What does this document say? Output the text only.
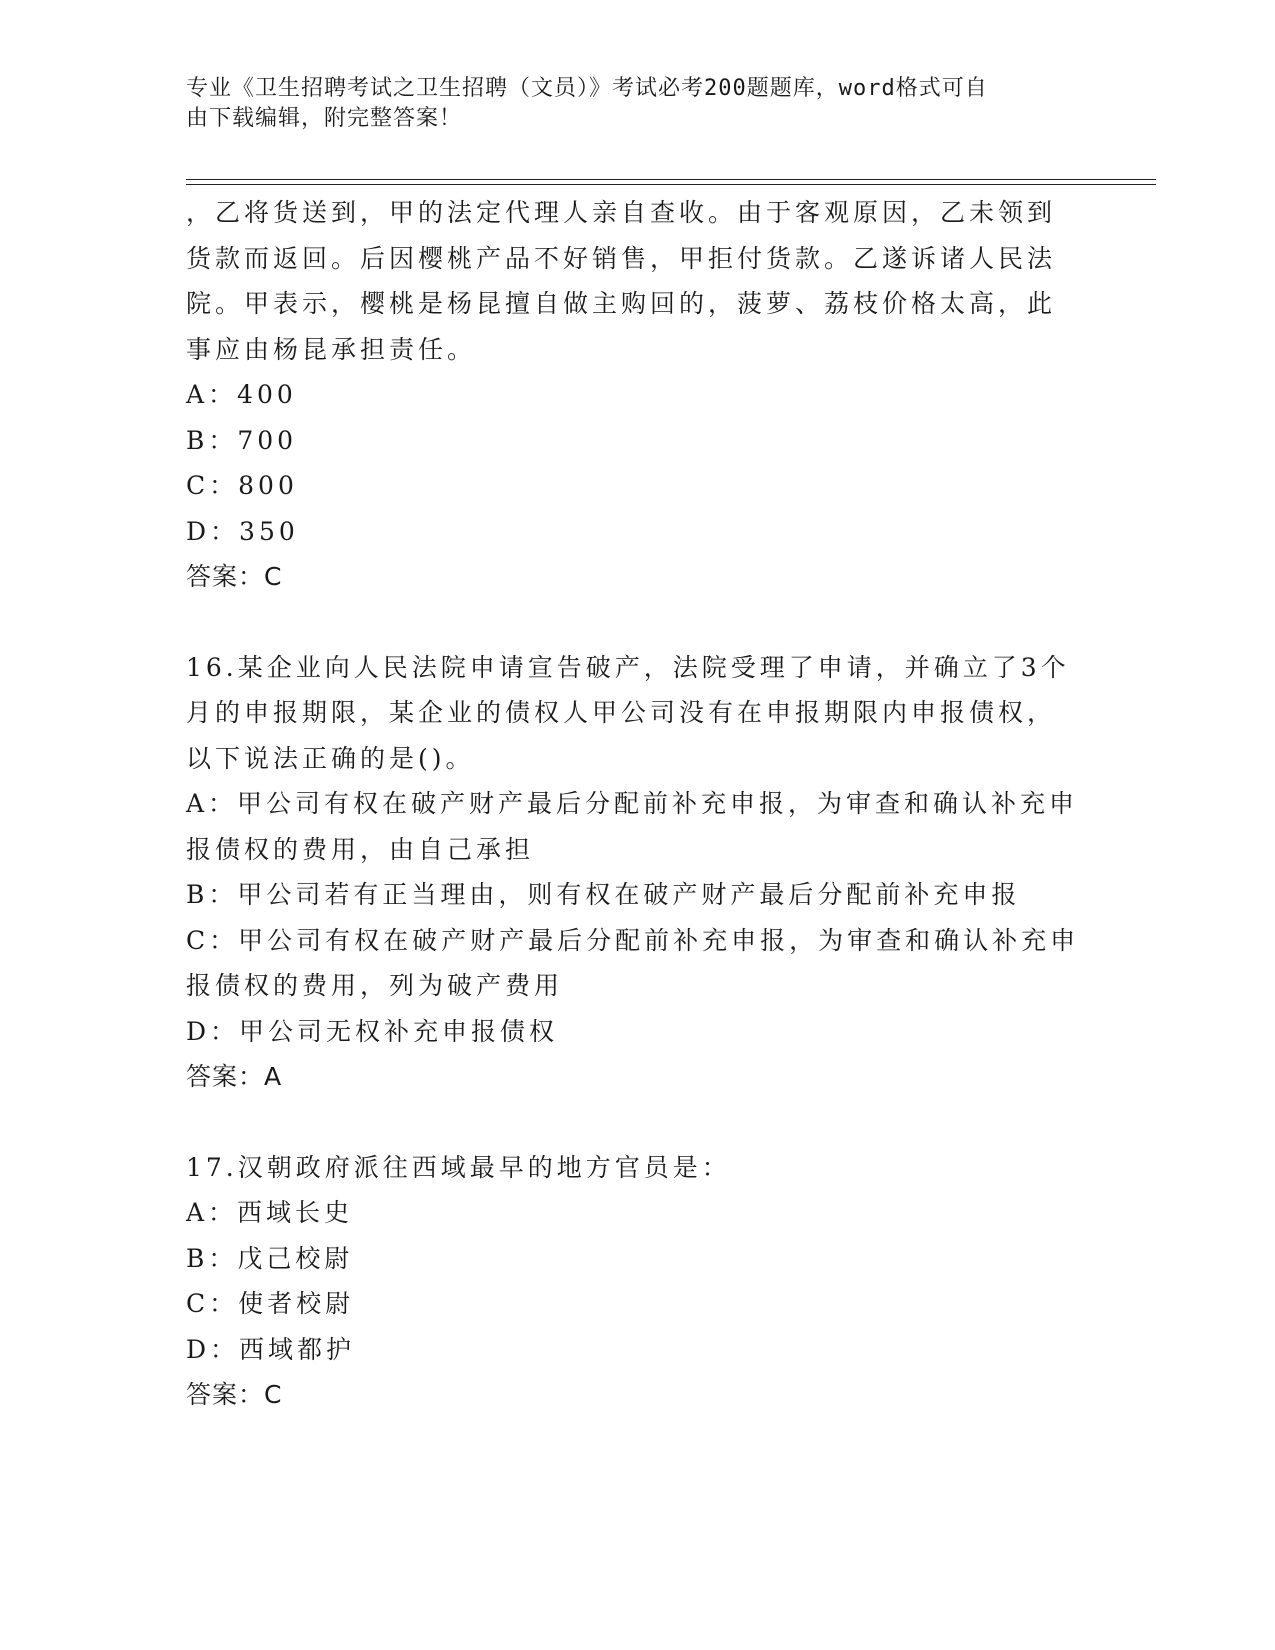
专业《卫生招聘考试之卫生招聘（文员）》考试必考200题题库，word格式可自
由下载编辑，附完整答案！
，乙将货送到，甲的法定代理人亲自查收。由于客观原因，乙未领到
货款而返回。后因樱桃产品不好销售，甲拒付货款。乙遂诉诸人民法
院。甲表示，樱桃是杨昆擅自做主购回的，菠萝、荔枝价格太高，此
事应由杨昆承担责任。
A：400
B：700
C：800
D：350
答案：C
16.某企业向人民法院申请宣告破产，法院受理了申请，并确立了3个
月的申报期限，某企业的债权人甲公司没有在申报期限内申报债权，
以下说法正确的是()。
A：甲公司有权在破产财产最后分配前补充申报，为审查和确认补充申
报债权的费用，由自己承担
B：甲公司若有正当理由，则有权在破产财产最后分配前补充申报
C：甲公司有权在破产财产最后分配前补充申报，为审查和确认补充申
报债权的费用，列为破产费用
D：甲公司无权补充申报债权
答案：A
17.汉朝政府派往西域最早的地方官员是：
A：西域长史
B：戊己校尉
C：使者校尉
D：西域都护
答案：C
